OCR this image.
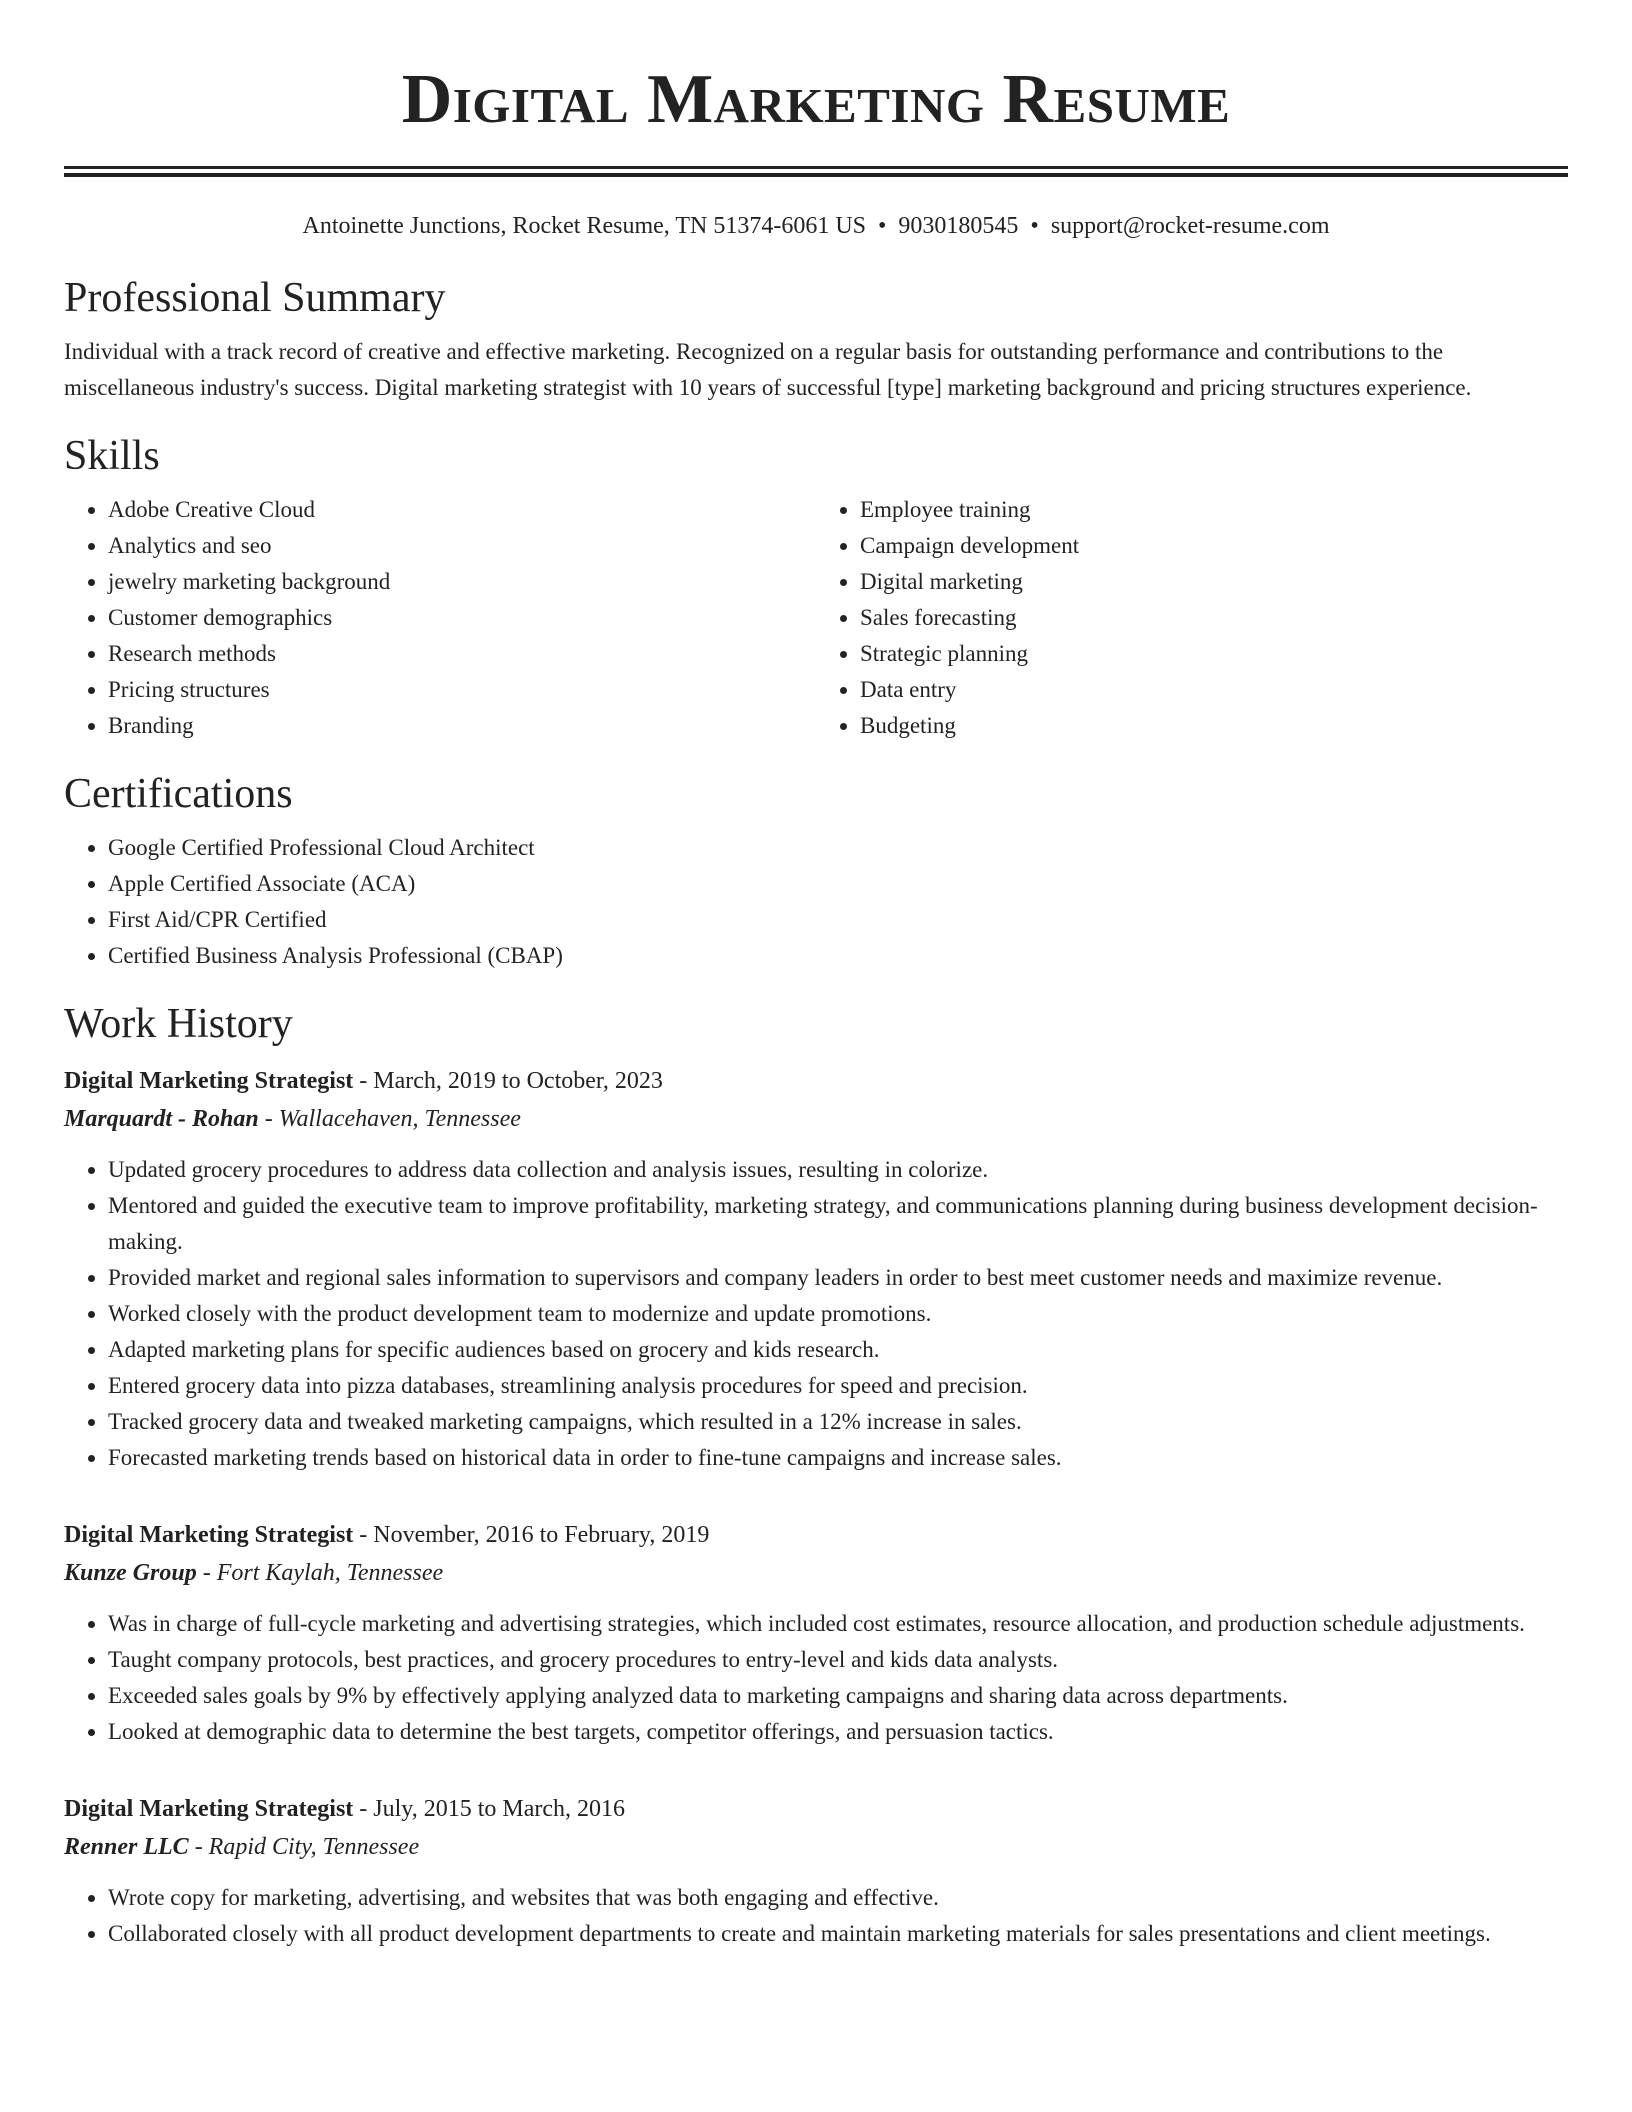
Digital Marketing Resume
Antoinette Junctions, Rocket Resume, TN 51374-6061 US • 9030180545 • support@rocket-resume.com
Professional Summary

Individual with a track record of creative and effective marketing. Recognized on a regular basis for outstanding performance and contributions to the miscellaneous industry's success. Digital marketing strategist with 10 years of successful [type] marketing background and pricing structures experience.

Skills
• Adobe Creative Cloud
• Analytics and seo
• jewelry marketing background
• Customer demographics
• Research methods
• Pricing structures
• Branding
• Employee training
• Campaign development
• Digital marketing
• Sales forecasting
• Strategic planning
• Data entry
• Budgeting
Certifications
• Google Certified Professional Cloud Architect
• Apple Certified Associate (ACA)
• First Aid/CPR Certified
• Certified Business Analysis Professional (CBAP)
Work History
Digital Marketing Strategist - March, 2019 to October, 2023
Marquardt - Rohan - Wallacehaven, Tennessee
• Updated grocery procedures to address data collection and analysis issues, resulting in colorize.
• Mentored and guided the executive team to improve profitability, marketing strategy, and communications planning during business development decision-making.
• Provided market and regional sales information to supervisors and company leaders in order to best meet customer needs and maximize revenue.
• Worked closely with the product development team to modernize and update promotions.
• Adapted marketing plans for specific audiences based on grocery and kids research.
• Entered grocery data into pizza databases, streamlining analysis procedures for speed and precision.
• Tracked grocery data and tweaked marketing campaigns, which resulted in a 12% increase in sales.
• Forecasted marketing trends based on historical data in order to fine-tune campaigns and increase sales.
Digital Marketing Strategist - November, 2016 to February, 2019
Kunze Group - Fort Kaylah, Tennessee
• Was in charge of full-cycle marketing and advertising strategies, which included cost estimates, resource allocation, and production schedule adjustments.
• Taught company protocols, best practices, and grocery procedures to entry-level and kids data analysts.
• Exceeded sales goals by 9% by effectively applying analyzed data to marketing campaigns and sharing data across departments.
• Looked at demographic data to determine the best targets, competitor offerings, and persuasion tactics.
Digital Marketing Strategist - July, 2015 to March, 2016
Renner LLC - Rapid City, Tennessee
• Wrote copy for marketing, advertising, and websites that was both engaging and effective.
• Collaborated closely with all product development departments to create and maintain marketing materials for sales presentations and client meetings.
